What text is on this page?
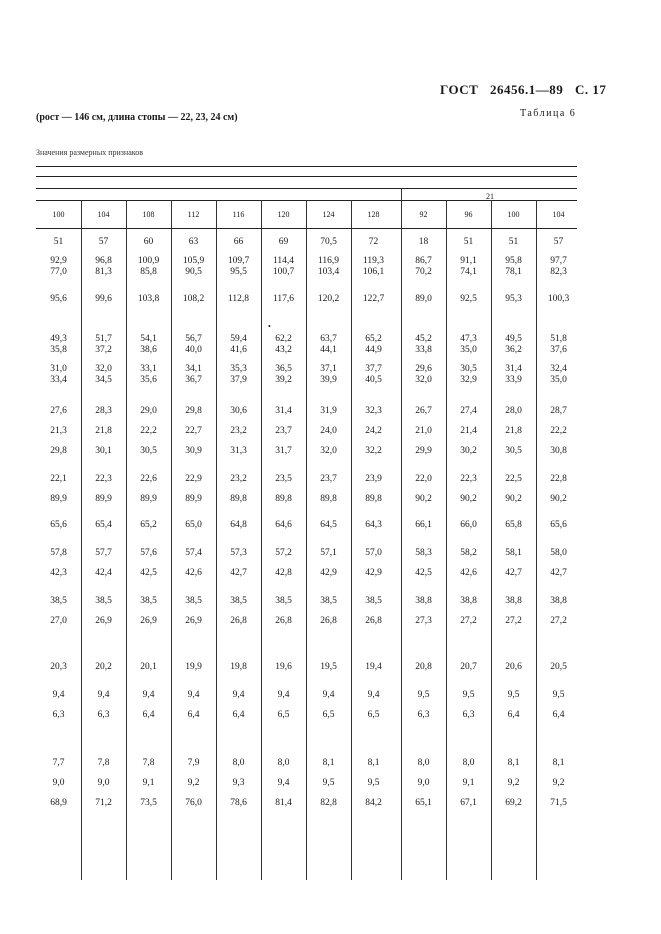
ГОСТ 26456.1—89 С. 17
(рост — 146 см, длина стопы — 22, 23, 24 см)	Таблица 6
Значения размерных признаков
21
100
51
92,9
77,0
95,6
49,3
35,8
31,0
33,4
27,6
21,3
29,8
22,1
89,9
65,6
57,8
42,3
38,5
27,0
20,3
9,4
6,3
7,7
9,0
68,9
104
57
96,8
81,3
99,6
51,7
37,2
32,0
34,5
28,3
21,8
30,1
22,3
89,9
65,4
57,7
42,4
38,5
26,9
20,2
9,4
6,3
7,8
9,0
71,2
108
60
100,9
85,8
103,8
54,1
38,6
33,1
35,6
29,0
22,2
30,5
22,6
89,9
65,2
57,6
42,5
38,5
26,9
20,1
9,4
6,4
7,8
9,1
73,5
112
63
105,9
90,5
108,2
56,7
40,0
34,1
36,7
29,8
22,7
30,9
22,9
89,9
65,0
57,4
42,6
38,5
26,9
19,9
9,4
6,4
7,9
9,2
76,0
116
66
109,7
95,5
112,8
59,4
41,6
35,3
37,9
30,6
23,2
31,3
23,2
89,8
64,8
57,3
42,7
38,5
26,8
19,8
9,4
6,4
8,0
9,3
78,6
120
69
114,4
100,7
117,6
62,2
43,2
36,5
39,2
31,4
23,7
31,7
23,5
89,8
64,6
57,2
42,8
38,5
26,8
19,6
9,4
6,5
8,0
9,4
81,4
124
70,5
116,9
103,4
120,2
63,7
44,1
37,1
39,9
31,9
24,0
32,0
23,7
89,8
64,5
57,1
42,9
38,5
26,8
19,5
9,4
6,5
8,1
9,5
82,8
128
72
119,3
106,1
122,7
65,2
44,9
37,7
40,5
32,3
24,2
32,2
23,9
89,8
64,3
57,0
42,9
38,5
26,8
19,4
9,4
6,5
8,1
9,5
84,2
92
18
86,7
70,2
89,0
45,2
33,8
29,6
32,0
26,7
21,0
29,9
22,0
90,2
66,1
58,3
42,5
38,8
27,3
20,8
9,5
6,3
8,0
9,0
65,1
96
51
91,1
74,1
92,5
47,3
35,0
30,5
32,9
27,4
21,4
30,2
22,3
90,2
66,0
58,2
42,6
38,8
27,2
20,7
9,5
6,3
8,0
9,1
67,1
100
51
95,8
78,1
95,3
49,5
36,2
31,4
33,9
28,0
21,8
30,5
22,5
90,2
65,8
58,1
42,7
38,8
27,2
20,6
9,5
6,4
8,1
9,2
69,2
104
57
97,7
82,3
100,3
51,8
37,6
32,4
35,0
28,7
22,2
30,8
22,8
90,2
65,6
58,0
42,7
38,8
27,2
20,5
9,5
6,4
8,1
9,2
71,5
•
